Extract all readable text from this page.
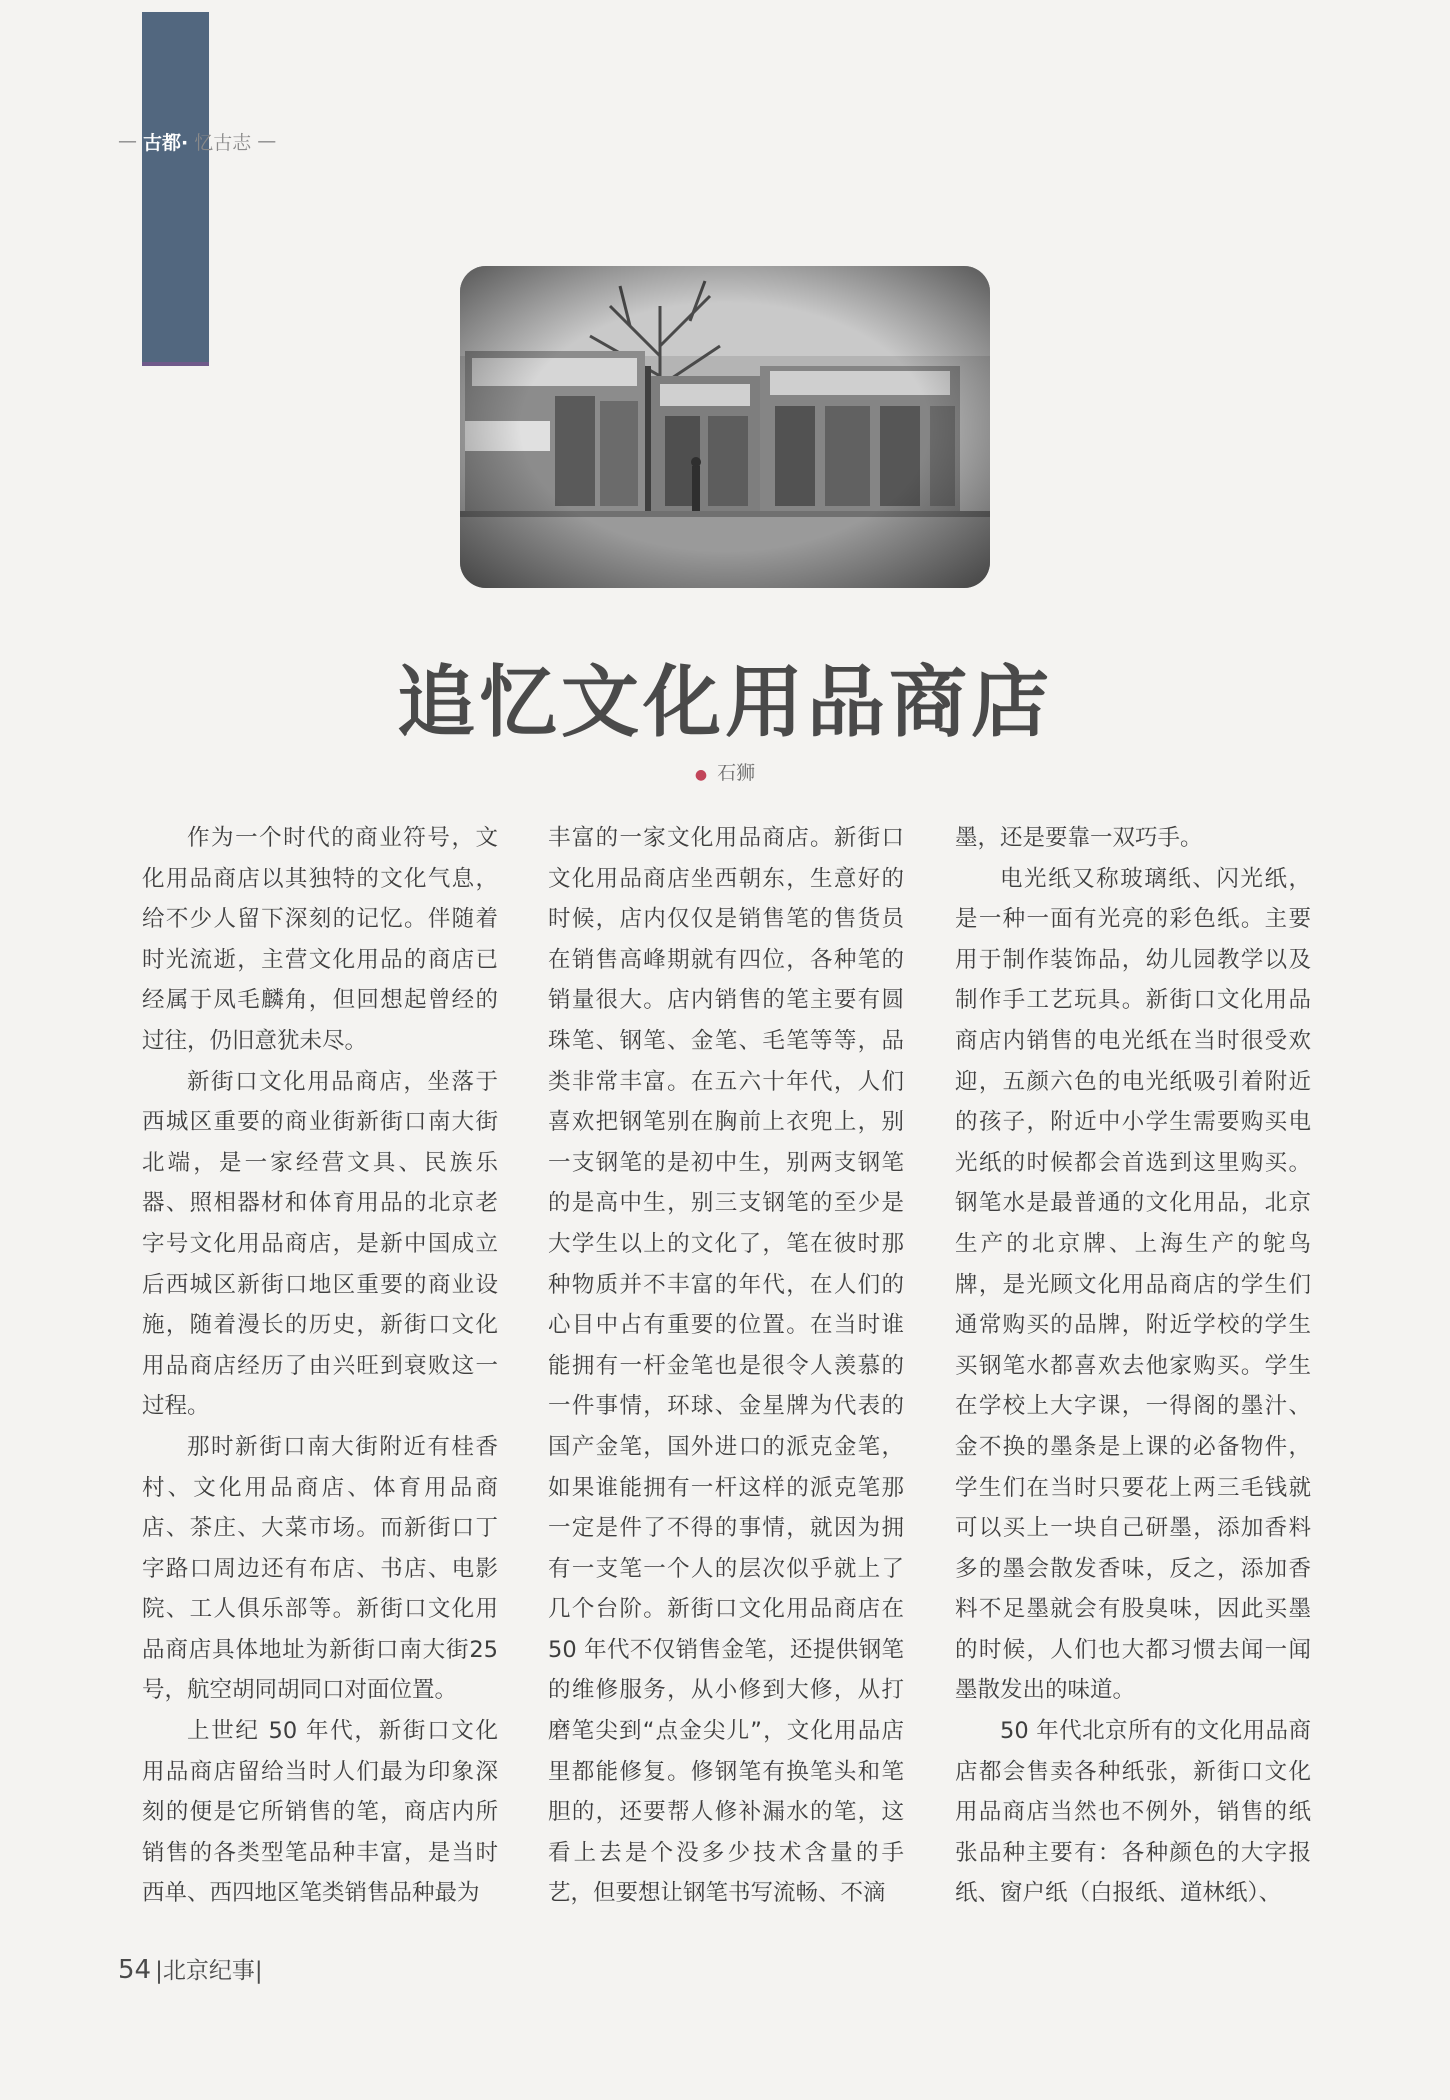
— 古都· 忆古志 —
追忆文化用品商店
● 石狮

作为一个时代的商业符号，文化用品商店以其独特的文化气息，给不少人留下深刻的记忆。伴随着时光流逝，主营文化用品的商店已经属于凤毛麟角，但回想起曾经的过往，仍旧意犹未尽。

新街口文化用品商店，坐落于西城区重要的商业街新街口南大街北端，是一家经营文具、民族乐器、照相器材和体育用品的北京老字号文化用品商店，是新中国成立后西城区新街口地区重要的商业设施，随着漫长的历史，新街口文化用品商店经历了由兴旺到衰败这一过程。

那时新街口南大街附近有桂香村、文化用品商店、体育用品商店、茶庄、大菜市场。而新街口丁字路口周边还有布店、书店、电影院、工人俱乐部等。新街口文化用品商店具体地址为新街口南大街25号，航空胡同胡同口对面位置。

上世纪 50 年代，新街口文化用品商店留给当时人们最为印象深刻的便是它所销售的笔，商店内所销售的各类型笔品种丰富，是当时西单、西四地区笔类销售品种最为

丰富的一家文化用品商店。新街口文化用品商店坐西朝东，生意好的时候，店内仅仅是销售笔的售货员在销售高峰期就有四位，各种笔的销量很大。店内销售的笔主要有圆珠笔、钢笔、金笔、毛笔等等，品类非常丰富。在五六十年代，人们喜欢把钢笔别在胸前上衣兜上，别一支钢笔的是初中生，别两支钢笔的是高中生，别三支钢笔的至少是大学生以上的文化了，笔在彼时那种物质并不丰富的年代，在人们的心目中占有重要的位置。在当时谁能拥有一杆金笔也是很令人羡慕的一件事情，环球、金星牌为代表的国产金笔，国外进口的派克金笔，如果谁能拥有一杆这样的派克笔那一定是件了不得的事情，就因为拥有一支笔一个人的层次似乎就上了几个台阶。新街口文化用品商店在 50 年代不仅销售金笔，还提供钢笔的维修服务，从小修到大修，从打磨笔尖到“点金尖儿”，文化用品店里都能修复。修钢笔有换笔头和笔胆的，还要帮人修补漏水的笔，这看上去是个没多少技术含量的手艺，但要想让钢笔书写流畅、不滴

墨，还是要靠一双巧手。

电光纸又称玻璃纸、闪光纸，是一种一面有光亮的彩色纸。主要用于制作装饰品，幼儿园教学以及制作手工艺玩具。新街口文化用品商店内销售的电光纸在当时很受欢迎，五颜六色的电光纸吸引着附近的孩子，附近中小学生需要购买电光纸的时候都会首选到这里购买。钢笔水是最普通的文化用品，北京生产的北京牌、上海生产的鸵鸟牌，是光顾文化用品商店的学生们通常购买的品牌，附近学校的学生买钢笔水都喜欢去他家购买。学生在学校上大字课，一得阁的墨汁、金不换的墨条是上课的必备物件，学生们在当时只要花上两三毛钱就可以买上一块自己研墨，添加香料多的墨会散发香味，反之，添加香料不足墨就会有股臭味，因此买墨的时候，人们也大都习惯去闻一闻墨散发出的味道。

50 年代北京所有的文化用品商店都会售卖各种纸张，新街口文化用品商店当然也不例外，销售的纸张品种主要有：各种颜色的大字报纸、窗户纸（白报纸、道林纸）、

54 |北京纪事|
